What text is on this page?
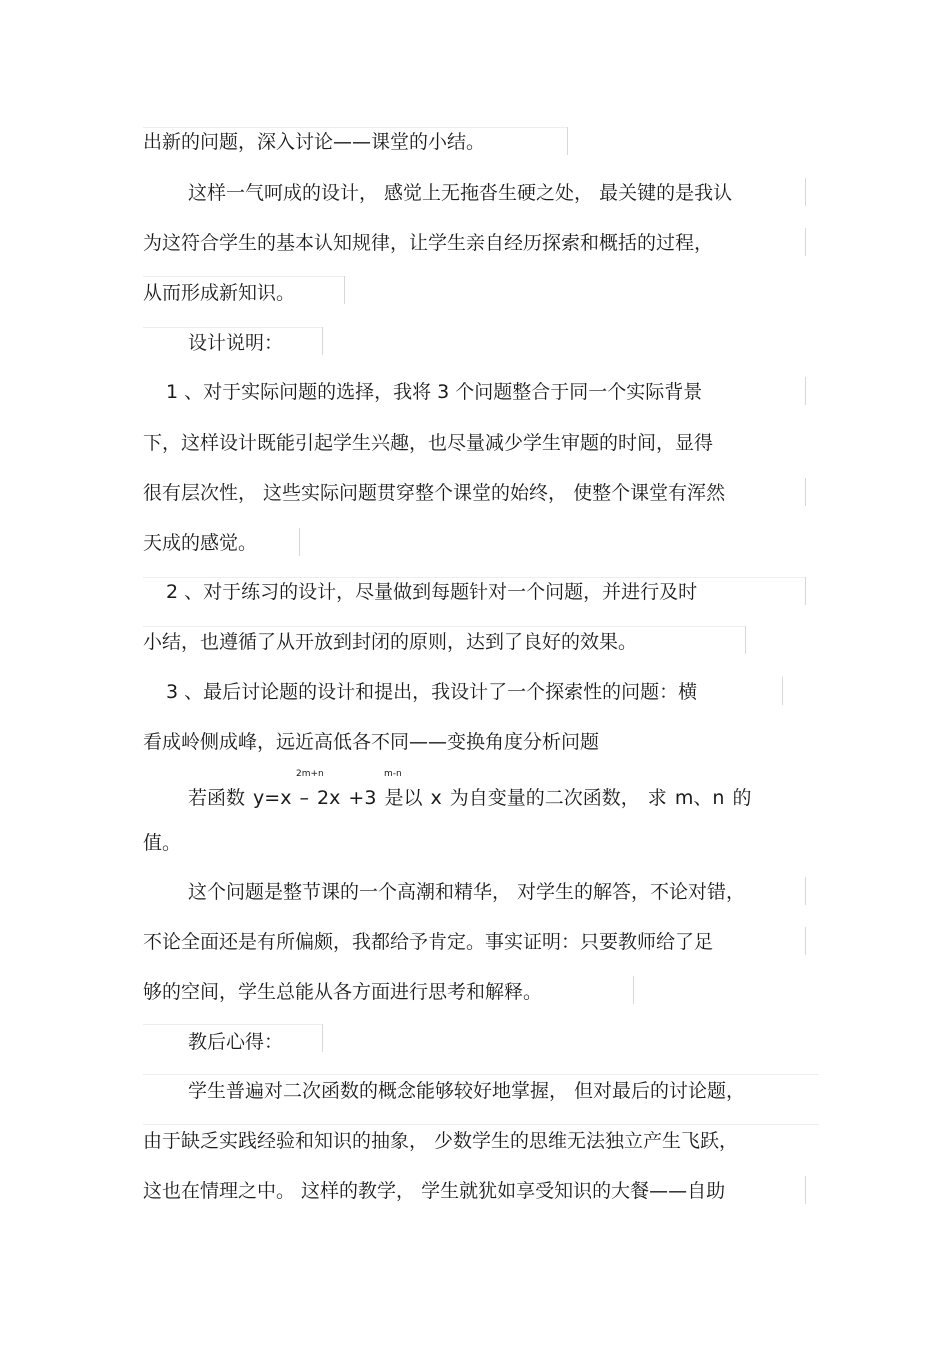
出新的问题，深入讨论——课堂的小结。
这样一气呵成的设计， 感觉上无拖沓生硬之处， 最关键的是我认
为这符合学生的基本认知规律，让学生亲自经历探索和概括的过程，
从而形成新知识。
设计说明：
1 、对于实际问题的选择，我将 3 个问题整合于同一个实际背景
下，这样设计既能引起学生兴趣，也尽量减少学生审题的时间，显得
很有层次性， 这些实际问题贯穿整个课堂的始终， 使整个课堂有浑然
天成的感觉。
2 、对于练习的设计，尽量做到每题针对一个问题，并进行及时
小结，也遵循了从开放到封闭的原则，达到了良好的效果。
3 、最后讨论题的设计和提出，我设计了一个探索性的问题：横
看成岭侧成峰，远近高低各不同——变换角度分析问题
2m+n	m-n
若函数 y=x – 2x +3 是以 x 为自变量的二次函数， 求 m、n 的
值。
这个问题是整节课的一个高潮和精华， 对学生的解答，不论对错，
不论全面还是有所偏颇，我都给予肯定。事实证明：只要教师给了足
够的空间，学生总能从各方面进行思考和解释。
教后心得：
学生普遍对二次函数的概念能够较好地掌握， 但对最后的讨论题，
由于缺乏实践经验和知识的抽象， 少数学生的思维无法独立产生飞跃，
这也在情理之中。 这样的教学， 学生就犹如享受知识的大餐——自助
